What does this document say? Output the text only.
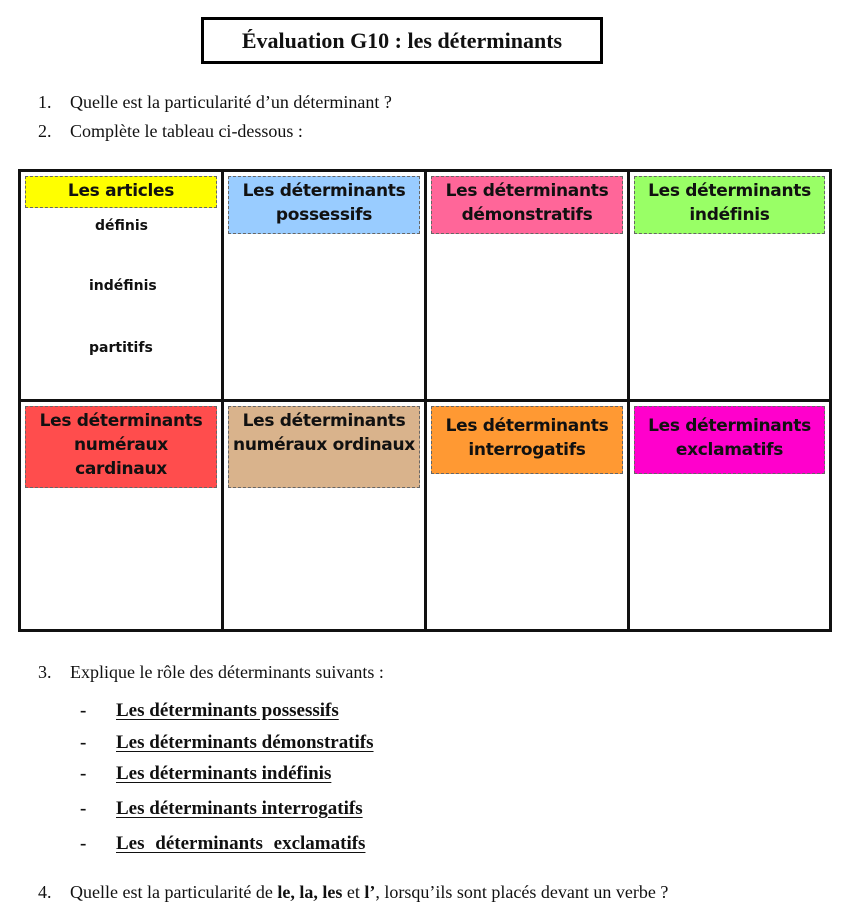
Évaluation G10 : les déterminants
1. Quelle est la particularité d’un déterminant ?
2. Complète le tableau ci-dessous :
Les articles
définis
indéfinis
partitifs
Les déterminants possessifs
Les déterminants démonstratifs
Les déterminants indéfinis
Les déterminants numéraux cardinaux
Les déterminants numéraux ordinaux
Les déterminants interrogatifs
Les déterminants exclamatifs
3. Explique le rôle des déterminants suivants :
- Les déterminants possessifs
- Les déterminants démonstratifs
- Les déterminants indéfinis
- Les déterminants interrogatifs
- Les déterminants exclamatifs
4. Quelle est la particularité de le, la, les et l’, lorsqu’ils sont placés devant un verbe ?
